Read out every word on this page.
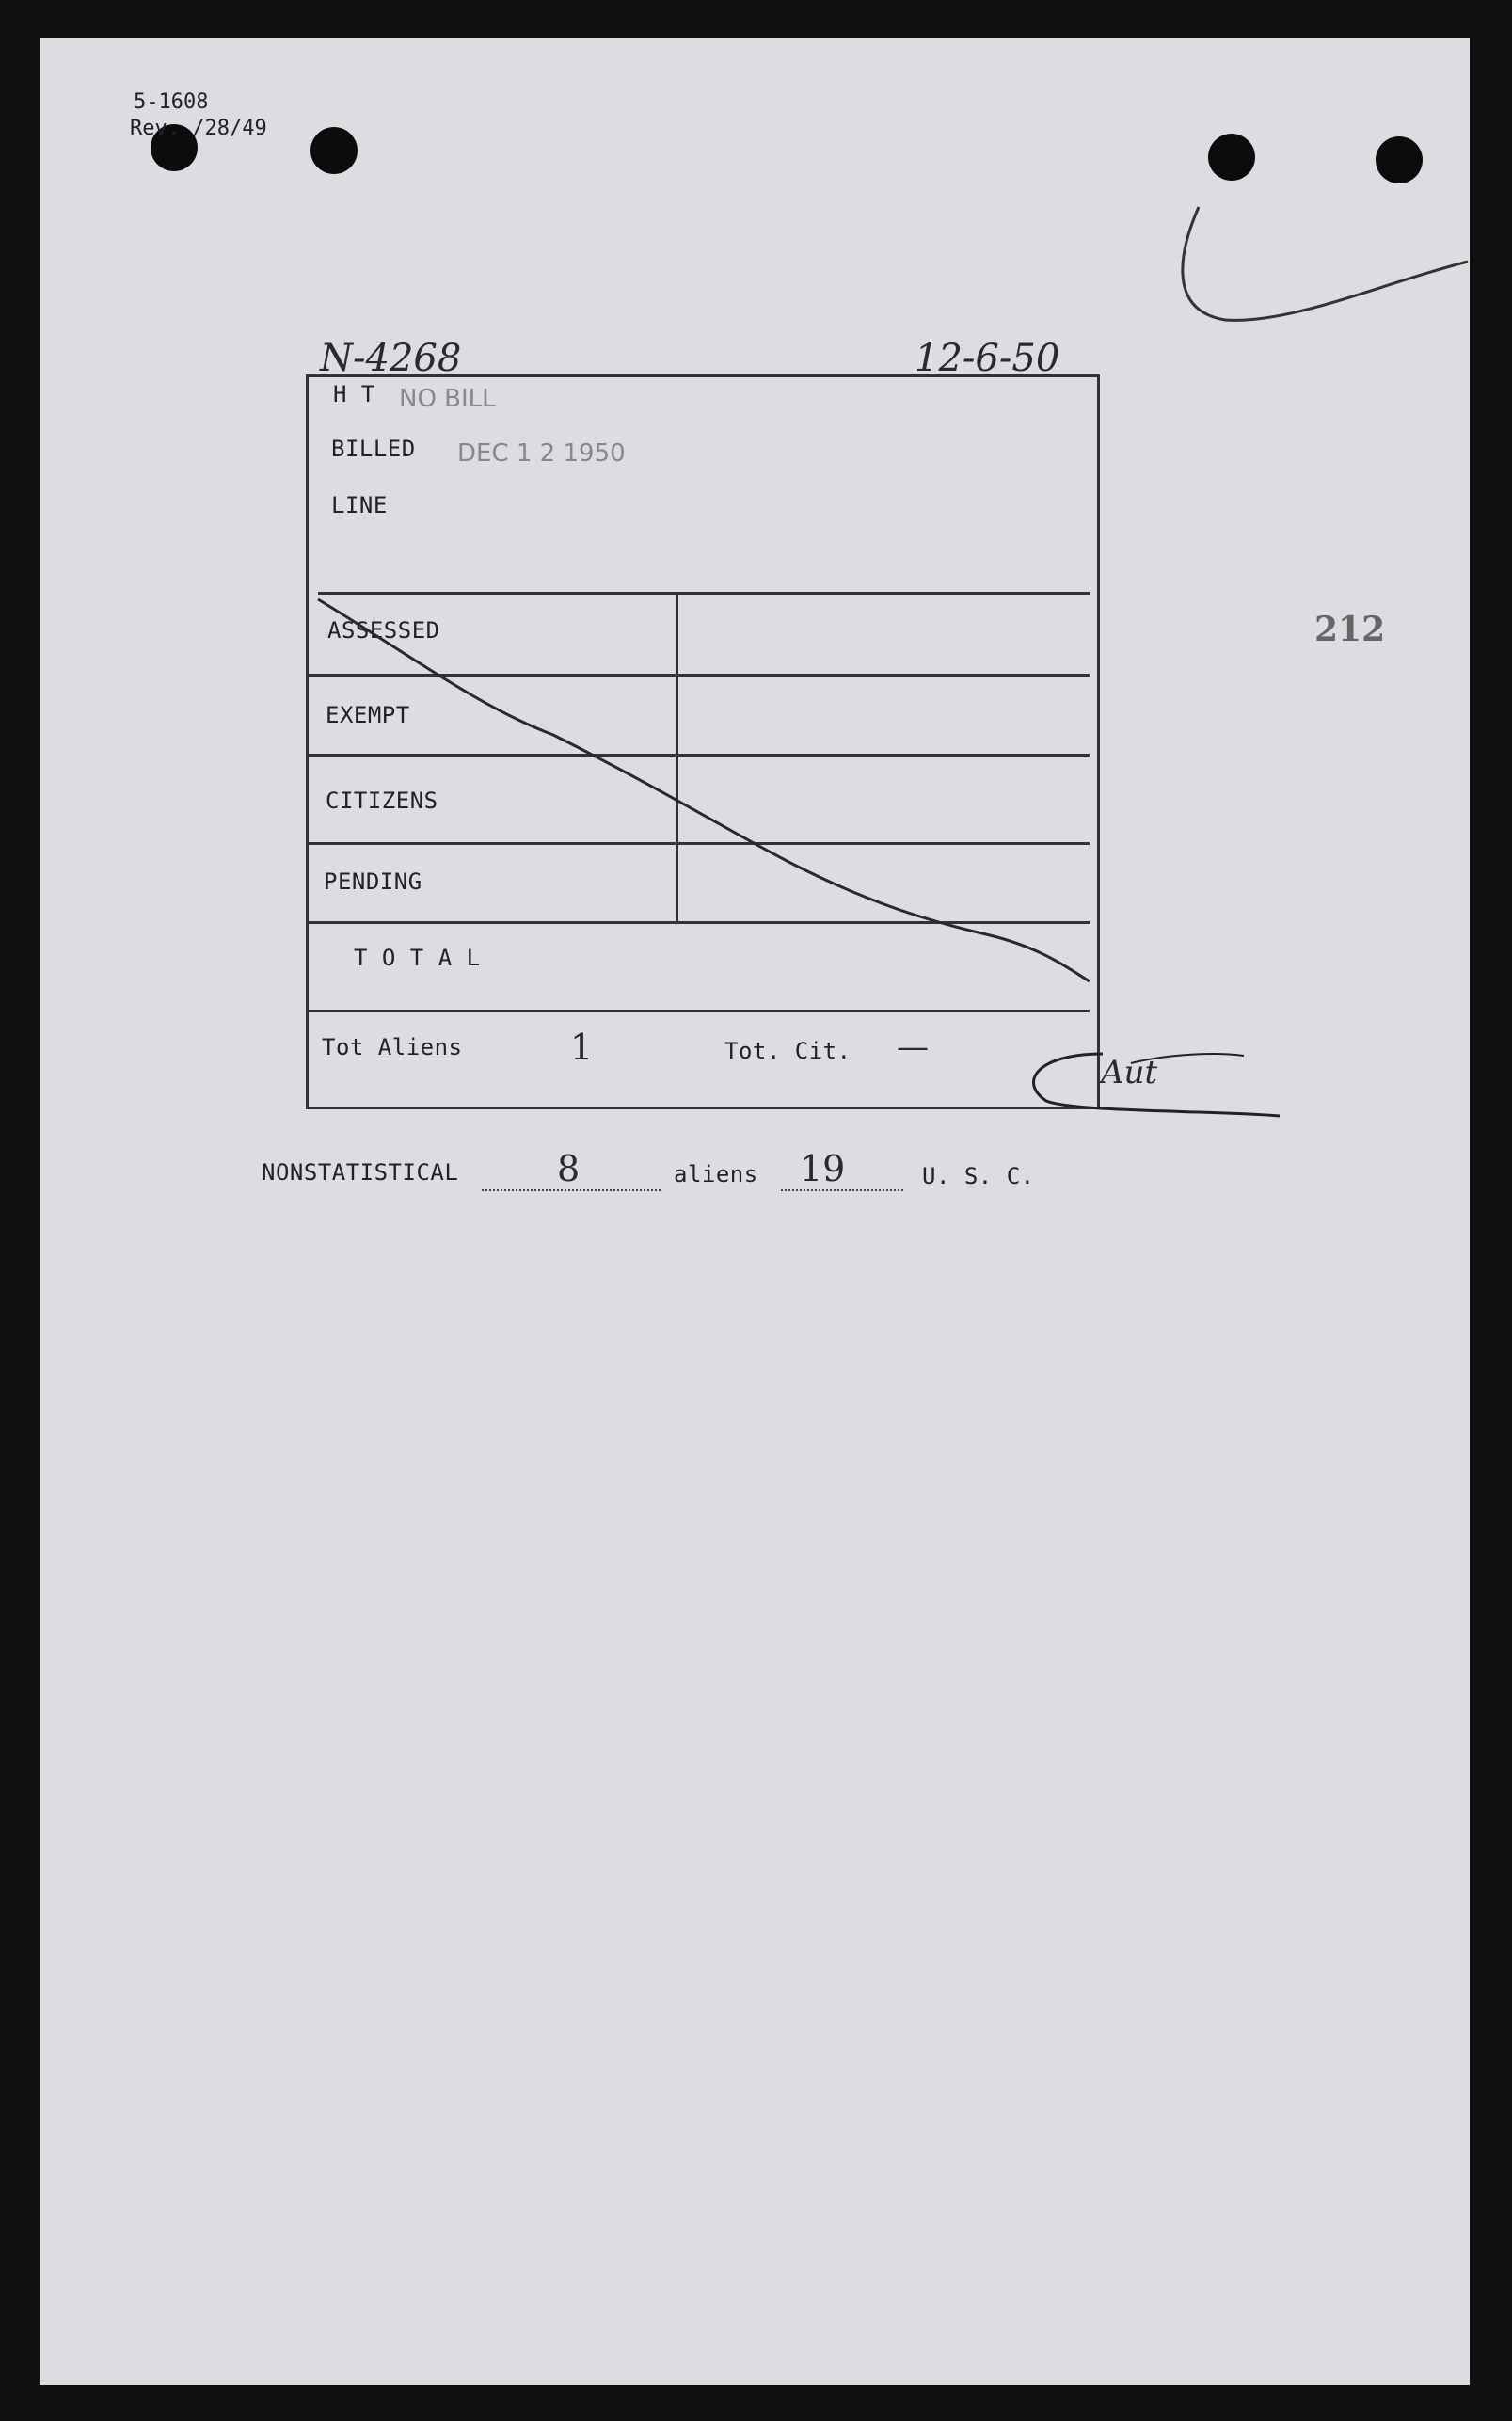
5-1608
Rev. /28/49
212
N-4268	12-6-50
H T NO BILL
BILLED DEC 1 2 1950
LINE
ASSESSED
EXEMPT
CITIZENS
PENDING
T O T A L
Tot Aliens	1	Tot. Cit. —
Aut
NONSTATISTICAL	8	aliens 19	U. S. C.
